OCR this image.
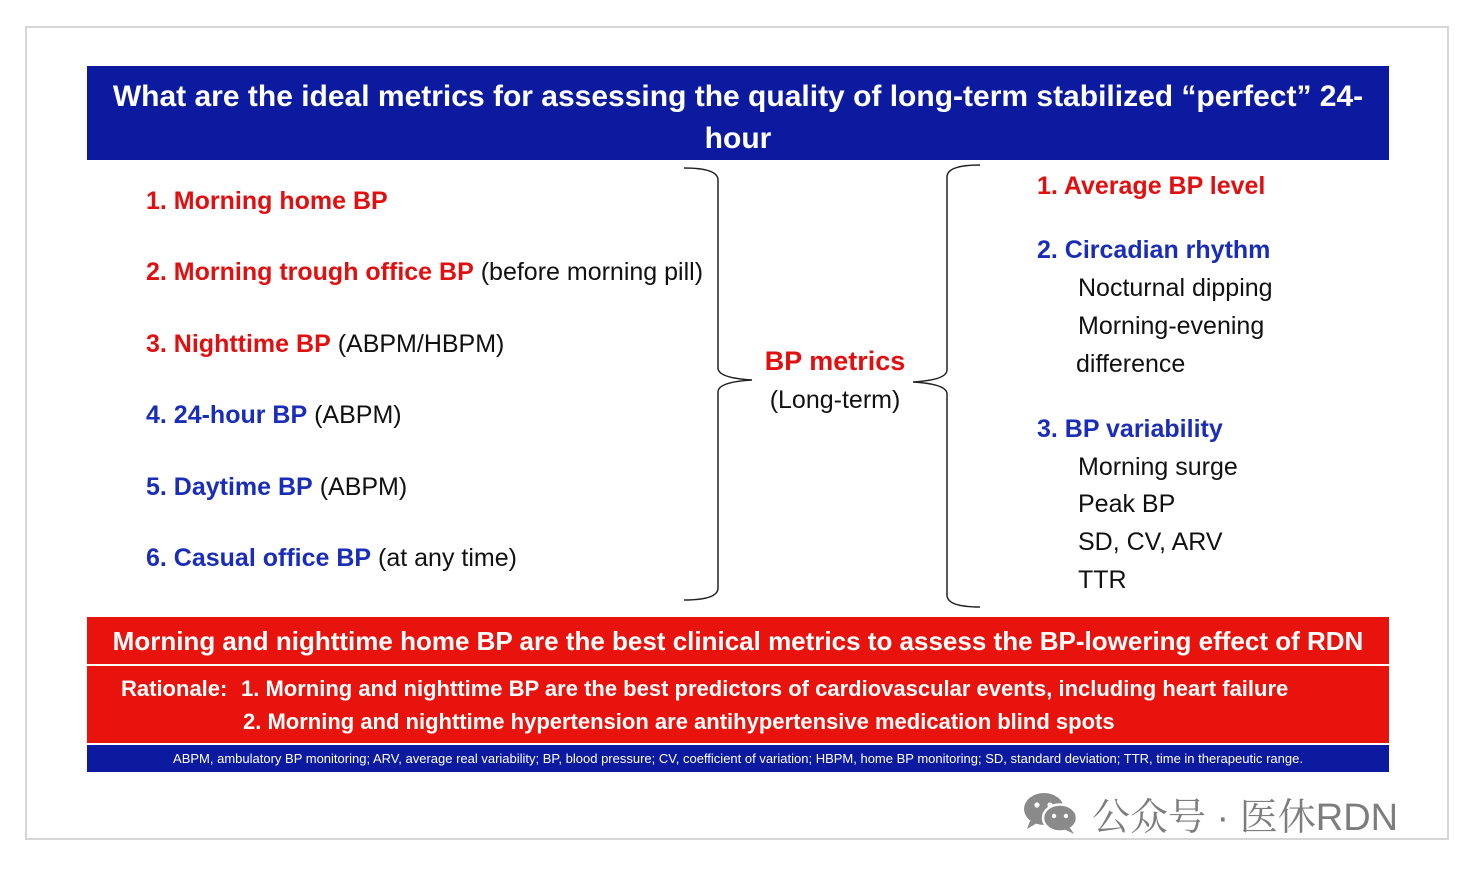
What are the ideal metrics for assessing the quality of long-term stabilized “perfect” 24-hour
BP control
1. Morning home BP
2. Morning trough office BP (before morning pill)
3. Nighttime BP (ABPM/HBPM)
4. 24-hour BP (ABPM)
5. Daytime BP (ABPM)
6. Casual office BP (at any time)
BP metrics
(Long-term)
1. Average BP level
2. Circadian rhythm
Nocturnal dipping
Morning-evening
difference
3. BP variability
Morning surge
Peak BP
SD, CV, ARV
TTR
Morning and nighttime home BP are the best clinical metrics to assess the BP-lowering effect of RDN
Rationale: 1. Morning and nighttime BP are the best predictors of cardiovascular events, including heart failure
2. Morning and nighttime hypertension are antihypertensive medication blind spots
ABPM, ambulatory BP monitoring; ARV, average real variability; BP, blood pressure; CV, coefficient of variation; HBPM, home BP monitoring; SD, standard deviation; TTR, time in therapeutic range.
公众号 · 医休RDN
